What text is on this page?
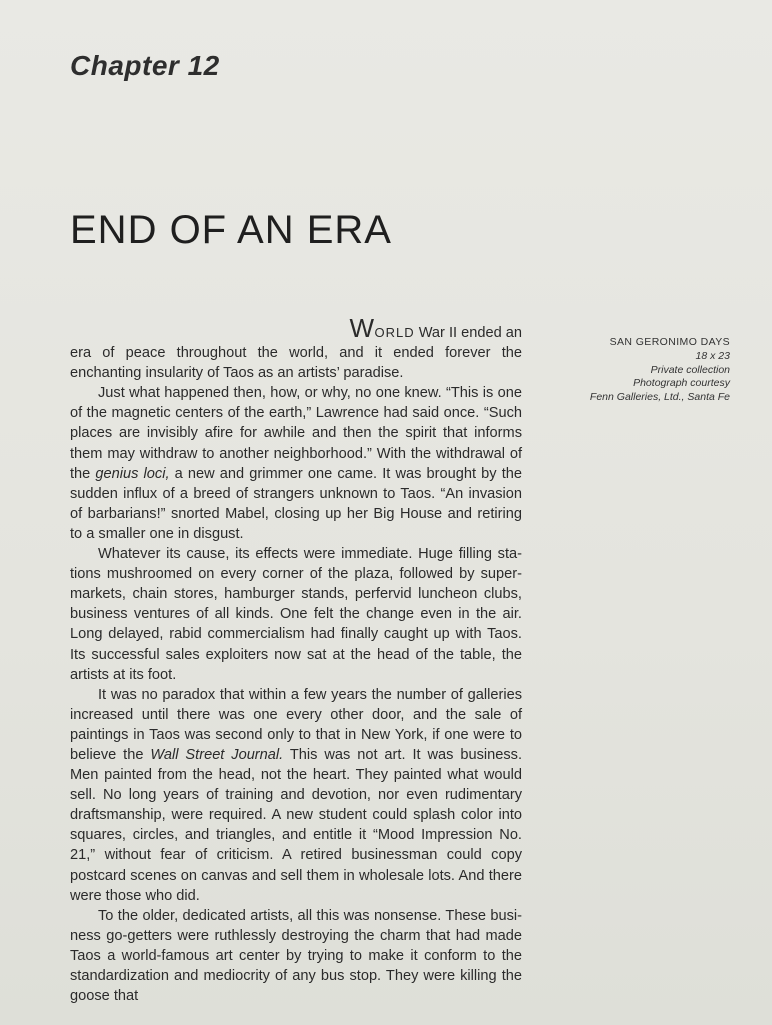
Chapter 12
END OF AN ERA
SAN GERONIMO DAYS
18 x 23
Private collection
Photograph courtesy
Fenn Galleries, Ltd., Santa Fe

WORLD War II ended an
era of peace throughout the world, and it ended forever the enchanting insularity of Taos as an artists’ paradise.

Just what happened then, how, or why, no one knew. “This is one of the magnetic centers of the earth,” Lawrence had said once. “Such places are invisibly afire for awhile and then the spirit that informs them may withdraw to another neighborhood.” With the withdrawal of the genius loci, a new and grimmer one came. It was brought by the sudden influx of a breed of strangers unknown to Taos. “An invasion of barbarians!” snorted Mabel, closing up her Big House and retiring to a smaller one in disgust.

Whatever its cause, its effects were immediate. Huge filling stations mushroomed on every corner of the plaza, followed by supermarkets, chain stores, hamburger stands, perfervid luncheon clubs, business ventures of all kinds. One felt the change even in the air. Long delayed, rabid commercialism had finally caught up with Taos. Its successful sales exploiters now sat at the head of the table, the artists at its foot.

It was no paradox that within a few years the number of galleries increased until there was one every other door, and the sale of paintings in Taos was second only to that in New York, if one were to believe the Wall Street Journal. This was not art. It was business. Men painted from the head, not the heart. They painted what would sell. No long years of training and devotion, nor even rudimentary draftsmanship, were required. A new student could splash color into squares, circles, and triangles, and entitle it “Mood Impression No. 21,” without fear of criticism. A retired businessman could copy postcard scenes on canvas and sell them in wholesale lots. And there were those who did.

To the older, dedicated artists, all this was nonsense. These business go-getters were ruthlessly destroying the charm that had made Taos a world-famous art center by trying to make it conform to the standardization and mediocrity of any bus stop. They were killing the goose that
